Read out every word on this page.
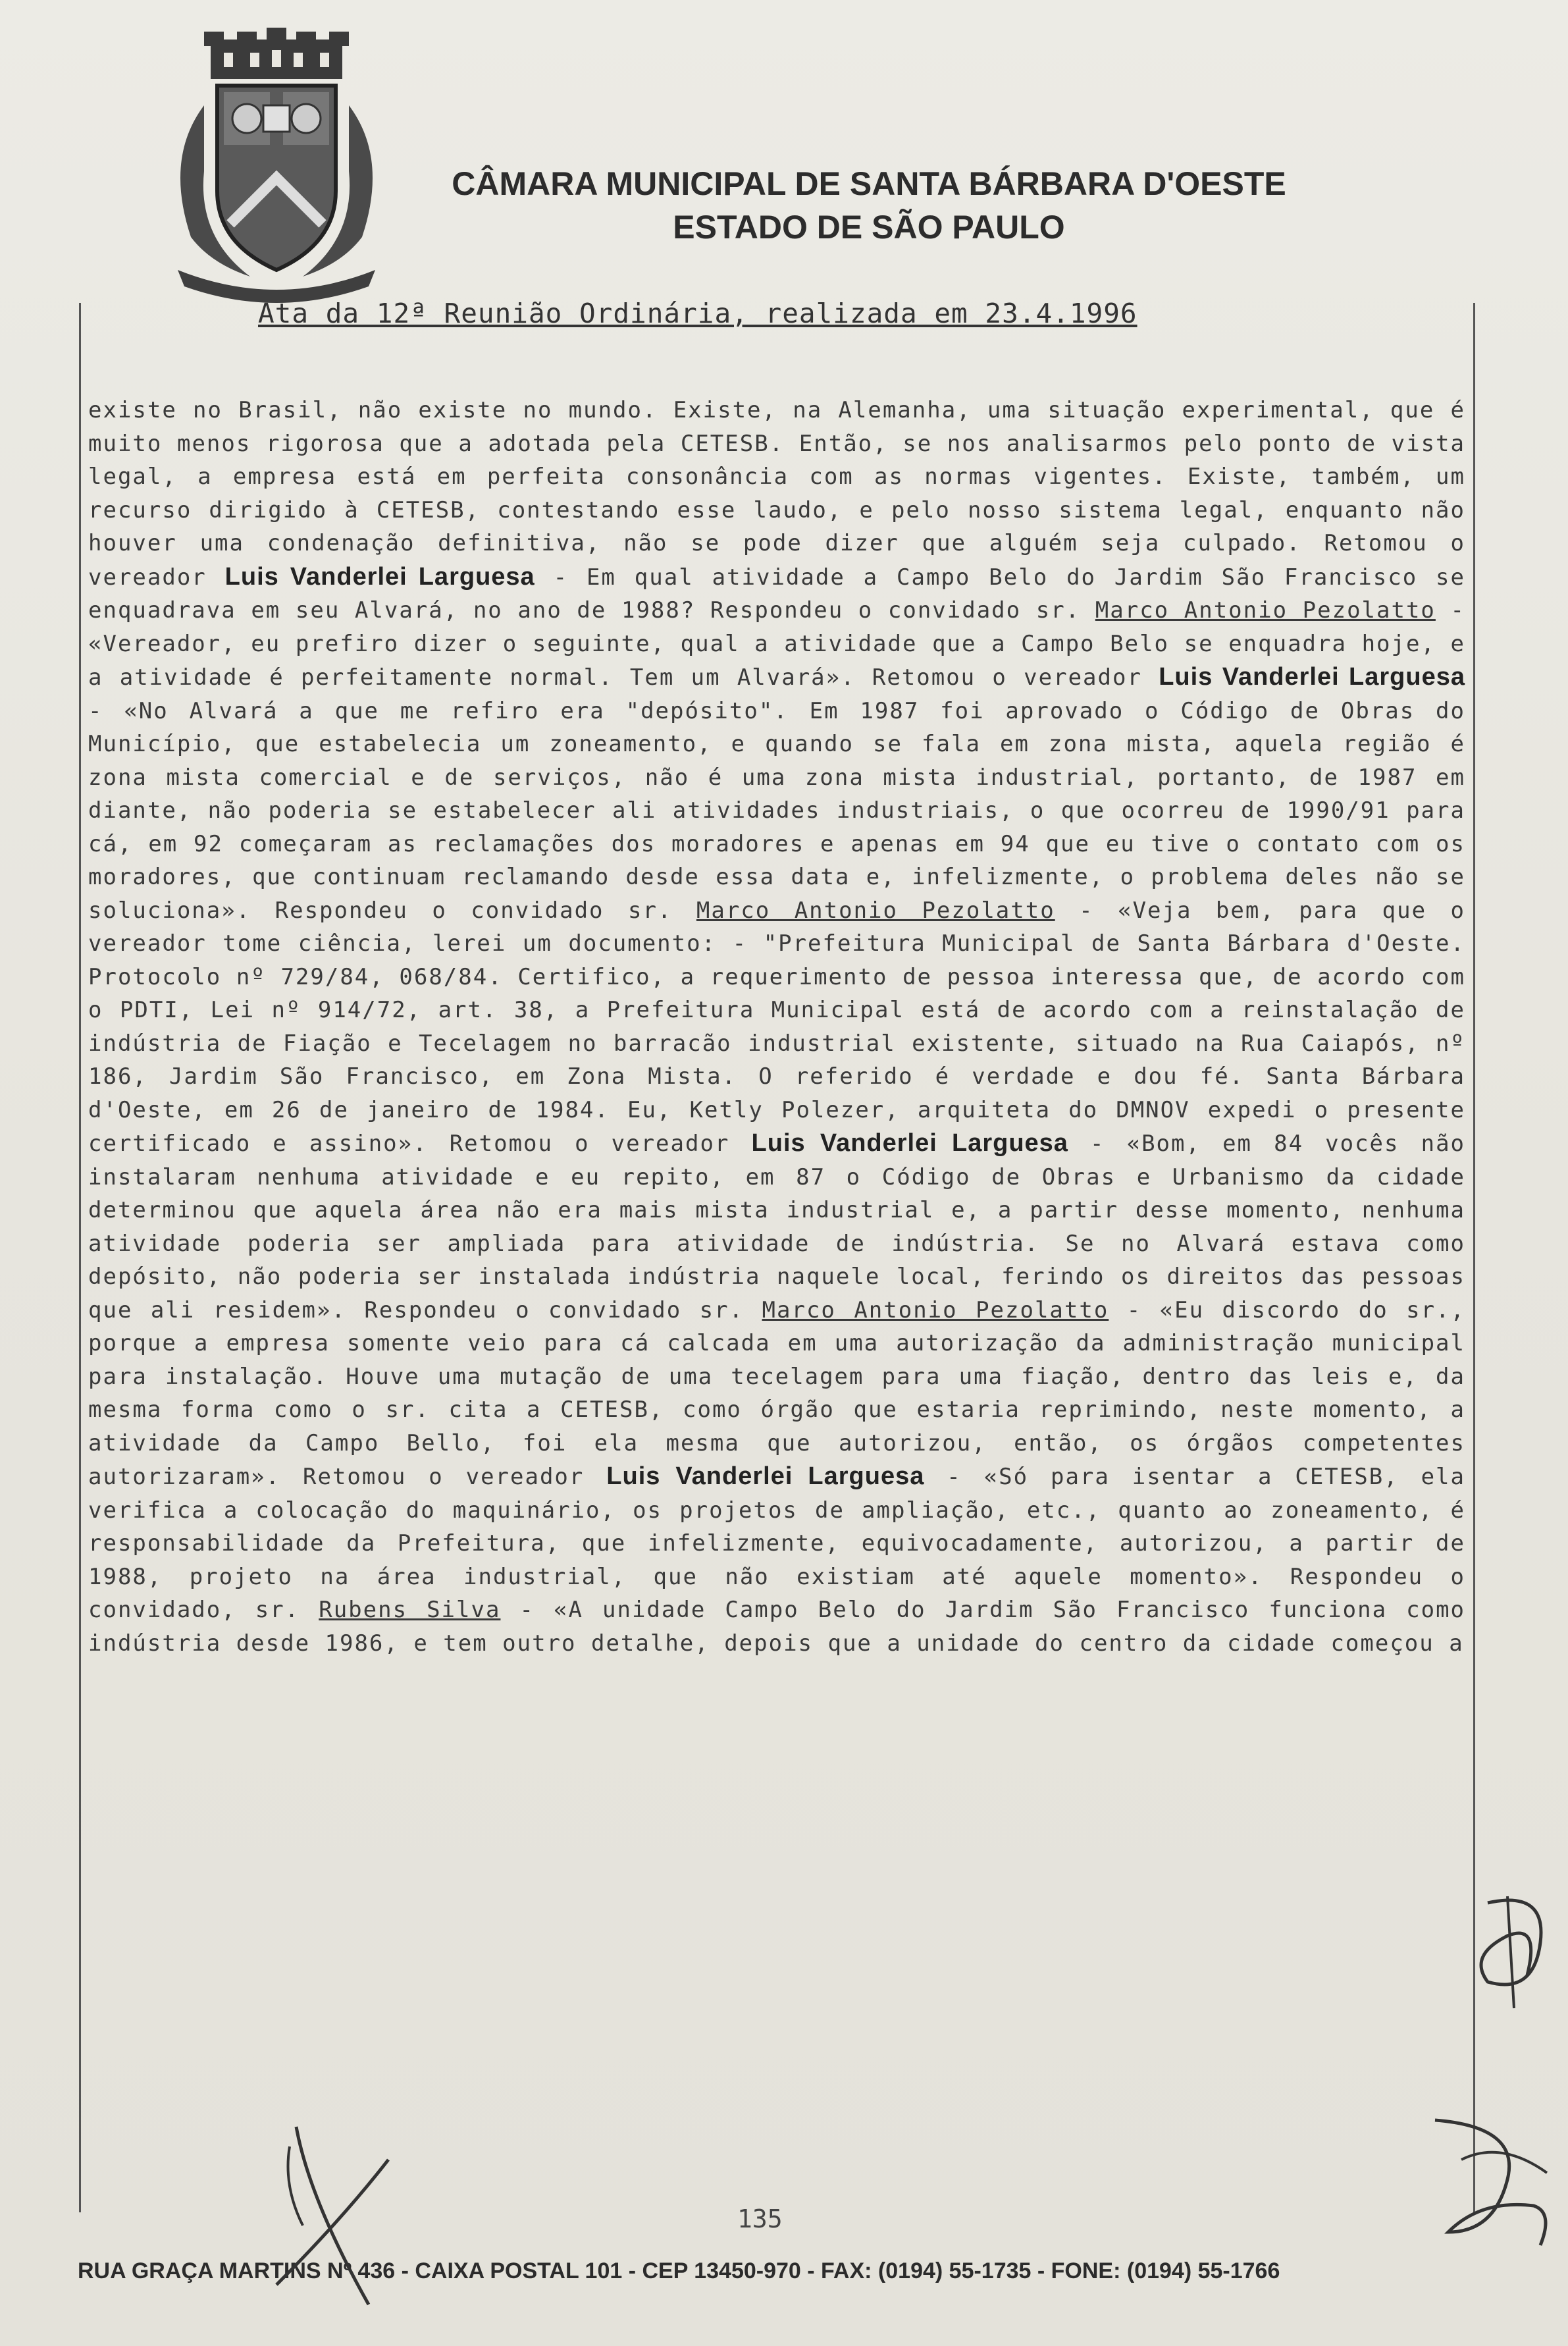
CÂMARA MUNICIPAL DE SANTA BÁRBARA D'OESTE
ESTADO DE SÃO PAULO
Ata da 12ª Reunião Ordinária, realizada em 23.4.1996
existe no Brasil, não existe no mundo. Existe, na Alemanha, uma situação experimental, que é muito menos rigorosa que a adotada pela CETESB. Então, se nos analisarmos pelo ponto de vista legal, a empresa está em perfeita consonância com as normas vigentes. Existe, também, um recurso dirigido à CETESB, contestando esse laudo, e pelo nosso sistema legal, enquanto não houver uma condenação definitiva, não se pode dizer que alguém seja culpado. Retomou o vereador Luis Vanderlei Larguesa - Em qual atividade a Campo Belo do Jardim São Francisco se enquadrava em seu Alvará, no ano de 1988? Respondeu o convidado sr. Marco Antonio Pezolatto - «Vereador, eu prefiro dizer o seguinte, qual a atividade que a Campo Belo se enquadra hoje, e a atividade é perfeitamente normal. Tem um Alvará». Retomou o vereador Luis Vanderlei Larguesa - «No Alvará a que me refiro era "depósito". Em 1987 foi aprovado o Código de Obras do Município, que estabelecia um zoneamento, e quando se fala em zona mista, aquela região é zona mista comercial e de serviços, não é uma zona mista industrial, portanto, de 1987 em diante, não poderia se estabelecer ali atividades industriais, o que ocorreu de 1990/91 para cá, em 92 começaram as reclamações dos moradores e apenas em 94 que eu tive o contato com os moradores, que continuam reclamando desde essa data e, infelizmente, o problema deles não se soluciona». Respondeu o convidado sr. Marco Antonio Pezolatto - «Veja bem, para que o vereador tome ciência, lerei um documento: - "Prefeitura Municipal de Santa Bárbara d'Oeste. Protocolo nº 729/84, 068/84. Certifico, a requerimento de pessoa interessa que, de acordo com o PDTI, Lei nº 914/72, art. 38, a Prefeitura Municipal está de acordo com a reinstalação de indústria de Fiação e Tecelagem no barracão industrial existente, situado na Rua Caiapós, nº 186, Jardim São Francisco, em Zona Mista. O referido é verdade e dou fé. Santa Bárbara d'Oeste, em 26 de janeiro de 1984. Eu, Ketly Polezer, arquiteta do DMNOV expedi o presente certificado e assino». Retomou o vereador Luis Vanderlei Larguesa - «Bom, em 84 vocês não instalaram nenhuma atividade e eu repito, em 87 o Código de Obras e Urbanismo da cidade determinou que aquela área não era mais mista industrial e, a partir desse momento, nenhuma atividade poderia ser ampliada para atividade de indústria. Se no Alvará estava como depósito, não poderia ser instalada indústria naquele local, ferindo os direitos das pessoas que ali residem». Respondeu o convidado sr. Marco Antonio Pezolatto - «Eu discordo do sr., porque a empresa somente veio para cá calcada em uma autorização da administração municipal para instalação. Houve uma mutação de uma tecelagem para uma fiação, dentro das leis e, da mesma forma como o sr. cita a CETESB, como órgão que estaria reprimindo, neste momento, a atividade da Campo Bello, foi ela mesma que autorizou, então, os órgãos competentes autorizaram». Retomou o vereador Luis Vanderlei Larguesa - «Só para isentar a CETESB, ela verifica a colocação do maquinário, os projetos de ampliação, etc., quanto ao zoneamento, é responsabilidade da Prefeitura, que infelizmente, equivocadamente, autorizou, a partir de 1988, projeto na área industrial, que não existiam até aquele momento». Respondeu o convidado, sr. Rubens Silva - «A unidade Campo Belo do Jardim São Francisco funciona como indústria desde 1986, e tem outro detalhe, depois que a unidade do centro da cidade começou a
135
RUA GRAÇA MARTINS Nº 436 - CAIXA POSTAL 101 - CEP 13450-970 - FAX: (0194) 55-1735 - FONE: (0194) 55-1766
